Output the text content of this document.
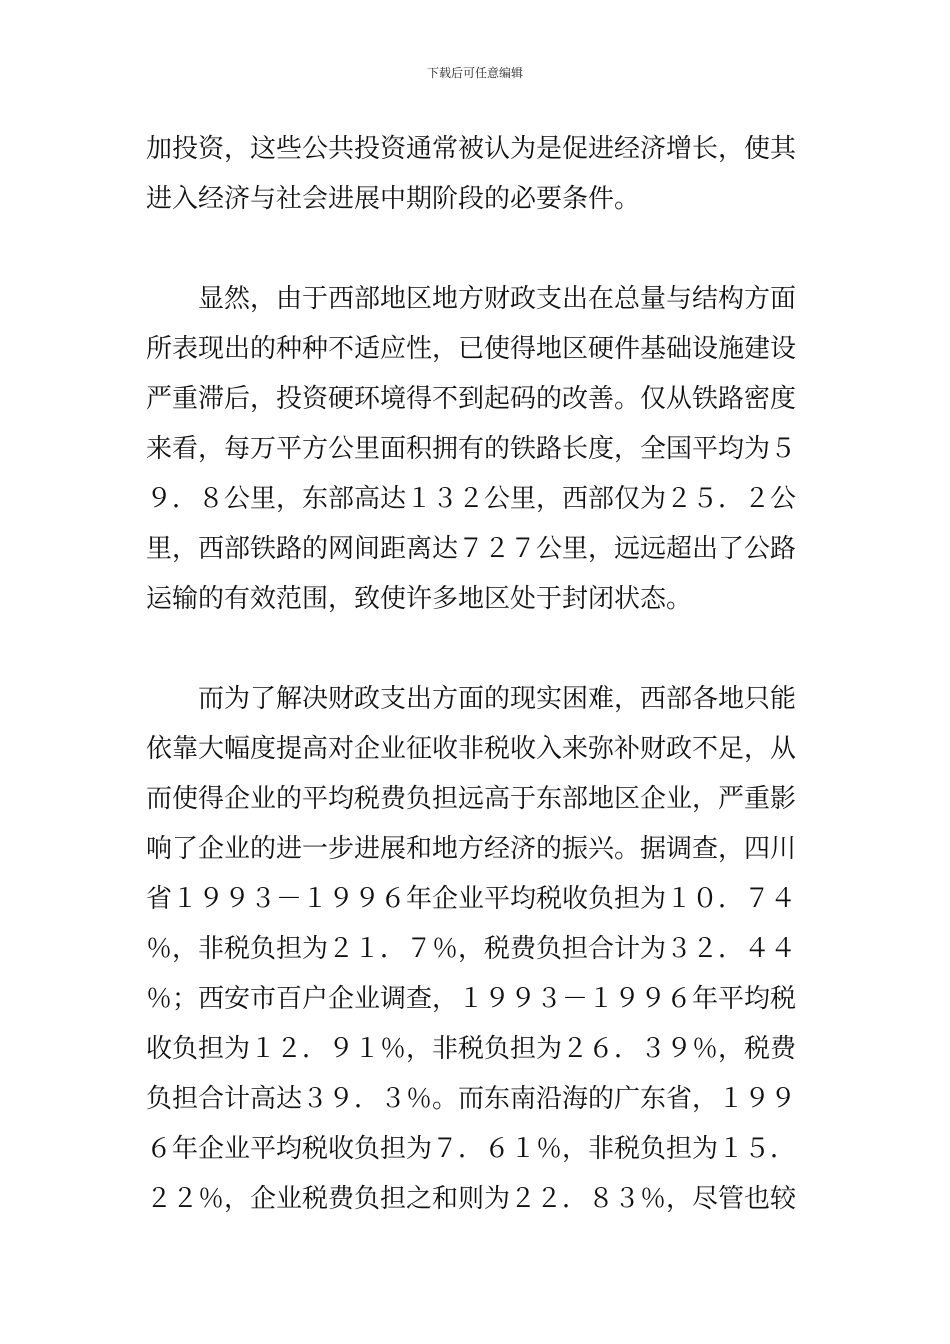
下载后可任意编辑
加投资，这些公共投资通常被认为是促进经济增长，使其
进入经济与社会进展中期阶段的必要条件。
　　显然，由于西部地区地方财政支出在总量与结构方面
所表现出的种种不适应性，已使得地区硬件基础设施建设
严重滞后，投资硬环境得不到起码的改善。仅从铁路密度
来看，每万平方公里面积拥有的铁路长度，全国平均为５
９．８公里，东部高达１３２公里，西部仅为２５．２公
里，西部铁路的网间距离达７２７公里，远远超出了公路
运输的有效范围，致使许多地区处于封闭状态。
　　而为了解决财政支出方面的现实困难，西部各地只能
依靠大幅度提高对企业征收非税收入来弥补财政不足，从
而使得企业的平均税费负担远高于东部地区企业，严重影
响了企业的进一步进展和地方经济的振兴。据调查，四川
省１９９３－１９９６年企业平均税收负担为１０．７４
％，非税负担为２１．７％，税费负担合计为３２．４４
％；西安市百户企业调查，１９９３－１９９６年平均税
收负担为１２．９１％，非税负担为２６．３９％，税费
负担合计高达３９．３％。而东南沿海的广东省，１９９
６年企业平均税收负担为７．６１％，非税负担为１５．
２２％，企业税费负担之和则为２２．８３％，尽管也较
